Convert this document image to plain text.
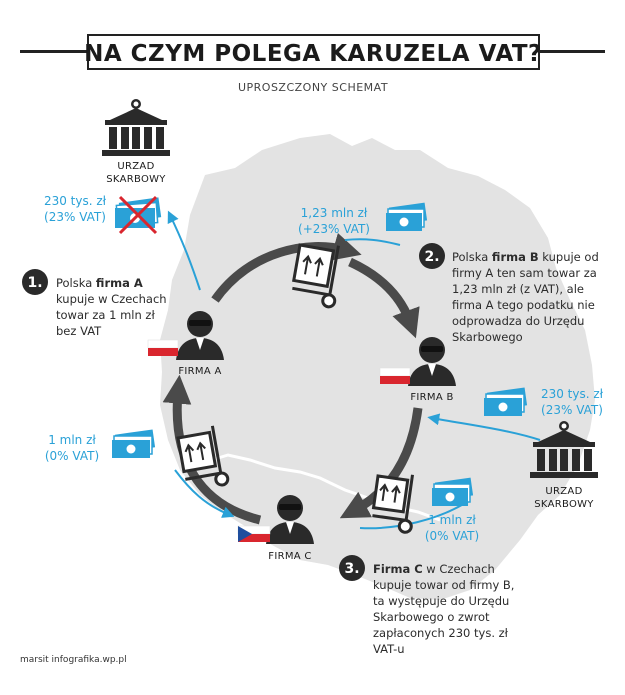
NA CZYM POLEGA KARUZELA VAT?
UPROSZCZONY SCHEMAT
URZAD
SKARBOWY
230 tys. zł
(23% VAT)	1,23 mln zł
(+23% VAT)
1. Polska firma A
kupuje w Czechach
towar za 1 mln zł
bez VAT
2. Polska firma B kupuje od
firmy A ten sam towar za
1,23 mln zł (z VAT), ale
firma A tego podatku nie
odprowadza do Urzędu
Skarbowego
3. Firma C w Czechach
kupuje towar od firmy B,
ta występuje do Urzędu
Skarbowego o zwrot
zapłaconych 230 tys. zł
VAT-u
FIRMA A
FIRMA B
FIRMA C
230 tys. zł
(23% VAT)
URZAD
SKARBOWY
1 mln zł
(0% VAT)
1 mln zł
(0% VAT)
marsit infografika.wp.pl
